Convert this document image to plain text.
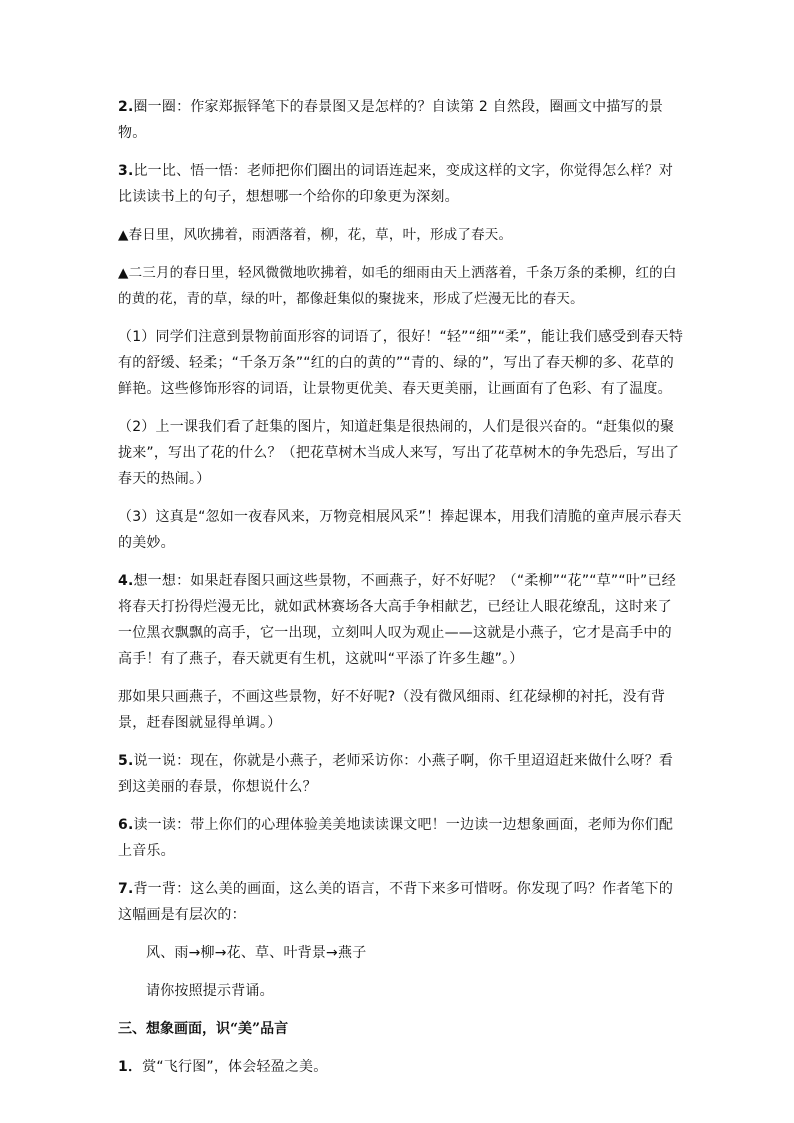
2.圈一圈：作家郑振铎笔下的春景图又是怎样的？自读第 2 自然段，圈画文中描写的景物。

3.比一比、悟一悟：老师把你们圈出的词语连起来，变成这样的文字，你觉得怎么样？对比读读书上的句子，想想哪一个给你的印象更为深刻。

▲春日里，风吹拂着，雨洒落着，柳，花，草，叶，形成了春天。

▲二三月的春日里，轻风微微地吹拂着，如毛的细雨由天上洒落着，千条万条的柔柳，红的白的黄的花，青的草，绿的叶，都像赶集似的聚拢来，形成了烂漫无比的春天。

（1）同学们注意到景物前面形容的词语了，很好！“轻”“细”“柔”，能让我们感受到春天特有的舒缓、轻柔；“千条万条”“红的白的黄的”“青的、绿的”，写出了春天柳的多、花草的鲜艳。这些修饰形容的词语，让景物更优美、春天更美丽，让画面有了色彩、有了温度。

（2）上一课我们看了赶集的图片，知道赶集是很热闹的，人们是很兴奋的。“赶集似的聚拢来”，写出了花的什么？（把花草树木当成人来写，写出了花草树木的争先恐后，写出了春天的热闹。）

（3）这真是“忽如一夜春风来，万物竞相展风采”！捧起课本，用我们清脆的童声展示春天的美妙。

4.想一想：如果赶春图只画这些景物，不画燕子，好不好呢？（“柔柳”“花”“草”“叶”已经将春天打扮得烂漫无比，就如武林赛场各大高手争相献艺，已经让人眼花缭乱，这时来了一位黑衣飘飘的高手，它一出现，立刻叫人叹为观止——这就是小燕子，它才是高手中的高手！有了燕子，春天就更有生机，这就叫“平添了许多生趣”。）

那如果只画燕子，不画这些景物，好不好呢?（没有微风细雨、红花绿柳的衬托，没有背景，赶春图就显得单调。）

5.说一说：现在，你就是小燕子，老师采访你：小燕子啊，你千里迢迢赶来做什么呀？看到这美丽的春景，你想说什么？

6.读一读：带上你们的心理体验美美地读读课文吧！一边读一边想象画面，老师为你们配上音乐。

7.背一背：这么美的画面，这么美的语言，不背下来多可惜呀。你发现了吗？作者笔下的这幅画是有层次的：

风、雨→柳→花、草、叶背景→燕子

请你按照提示背诵。

三、想象画面，识“美”品言

1．赏“飞行图”，体会轻盈之美。
